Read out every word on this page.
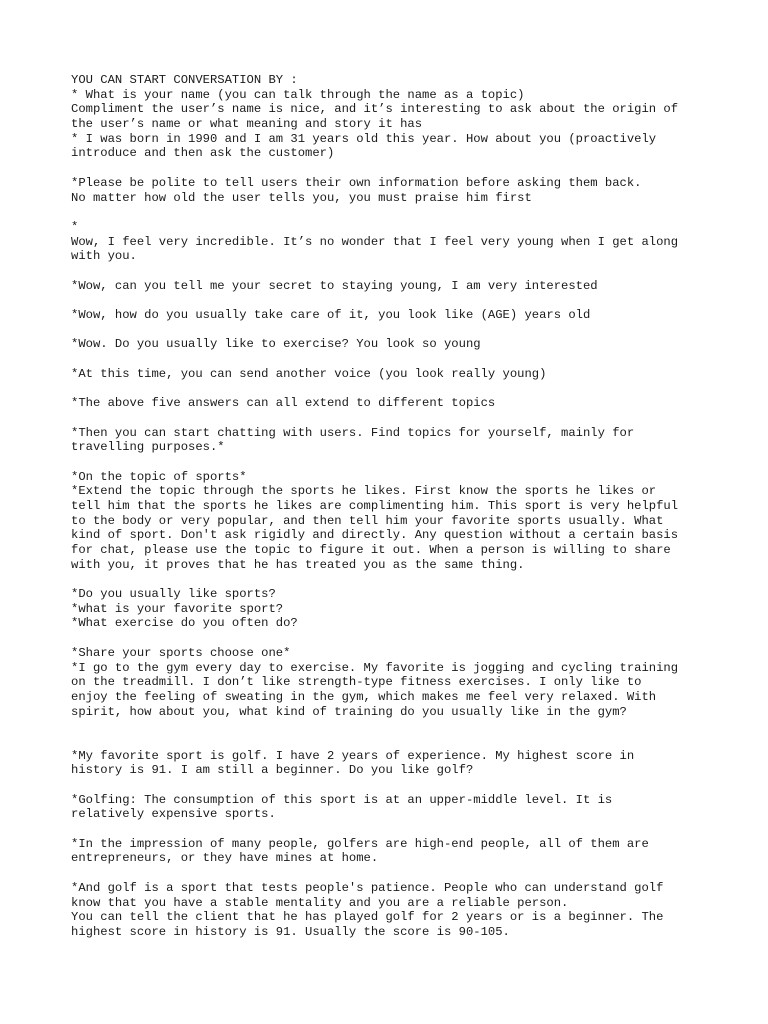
YOU CAN START CONVERSATION BY :
* What is your name (you can talk through the name as a topic)
Compliment the user’s name is nice, and it’s interesting to ask about the origin of
the user’s name or what meaning and story it has
* I was born in 1990 and I am 31 years old this year. How about you (proactively
introduce and then ask the customer)
*Please be polite to tell users their own information before asking them back.
No matter how old the user tells you, you must praise him first
*
Wow, I feel very incredible. It’s no wonder that I feel very young when I get along
with you.
*Wow, can you tell me your secret to staying young, I am very interested
*Wow, how do you usually take care of it, you look like (AGE) years old
*Wow. Do you usually like to exercise? You look so young
*At this time, you can send another voice (you look really young)
*The above five answers can all extend to different topics
*Then you can start chatting with users. Find topics for yourself, mainly for
travelling purposes.*
*On the topic of sports*
*Extend the topic through the sports he likes. First know the sports he likes or
tell him that the sports he likes are complimenting him. This sport is very helpful
to the body or very popular, and then tell him your favorite sports usually. What
kind of sport. Don't ask rigidly and directly. Any question without a certain basis
for chat, please use the topic to figure it out. When a person is willing to share
with you, it proves that he has treated you as the same thing.
*Do you usually like sports?
*what is your favorite sport?
*What exercise do you often do?
*Share your sports choose one*
*I go to the gym every day to exercise. My favorite is jogging and cycling training
on the treadmill. I don’t like strength-type fitness exercises. I only like to
enjoy the feeling of sweating in the gym, which makes me feel very relaxed. With
spirit, how about you, what kind of training do you usually like in the gym?
*My favorite sport is golf. I have 2 years of experience. My highest score in
history is 91. I am still a beginner. Do you like golf?
*Golfing: The consumption of this sport is at an upper-middle level. It is
relatively expensive sports.
*In the impression of many people, golfers are high-end people, all of them are
entrepreneurs, or they have mines at home.
*And golf is a sport that tests people's patience. People who can understand golf
know that you have a stable mentality and you are a reliable person.
You can tell the client that he has played golf for 2 years or is a beginner. The
highest score in history is 91. Usually the score is 90-105.
